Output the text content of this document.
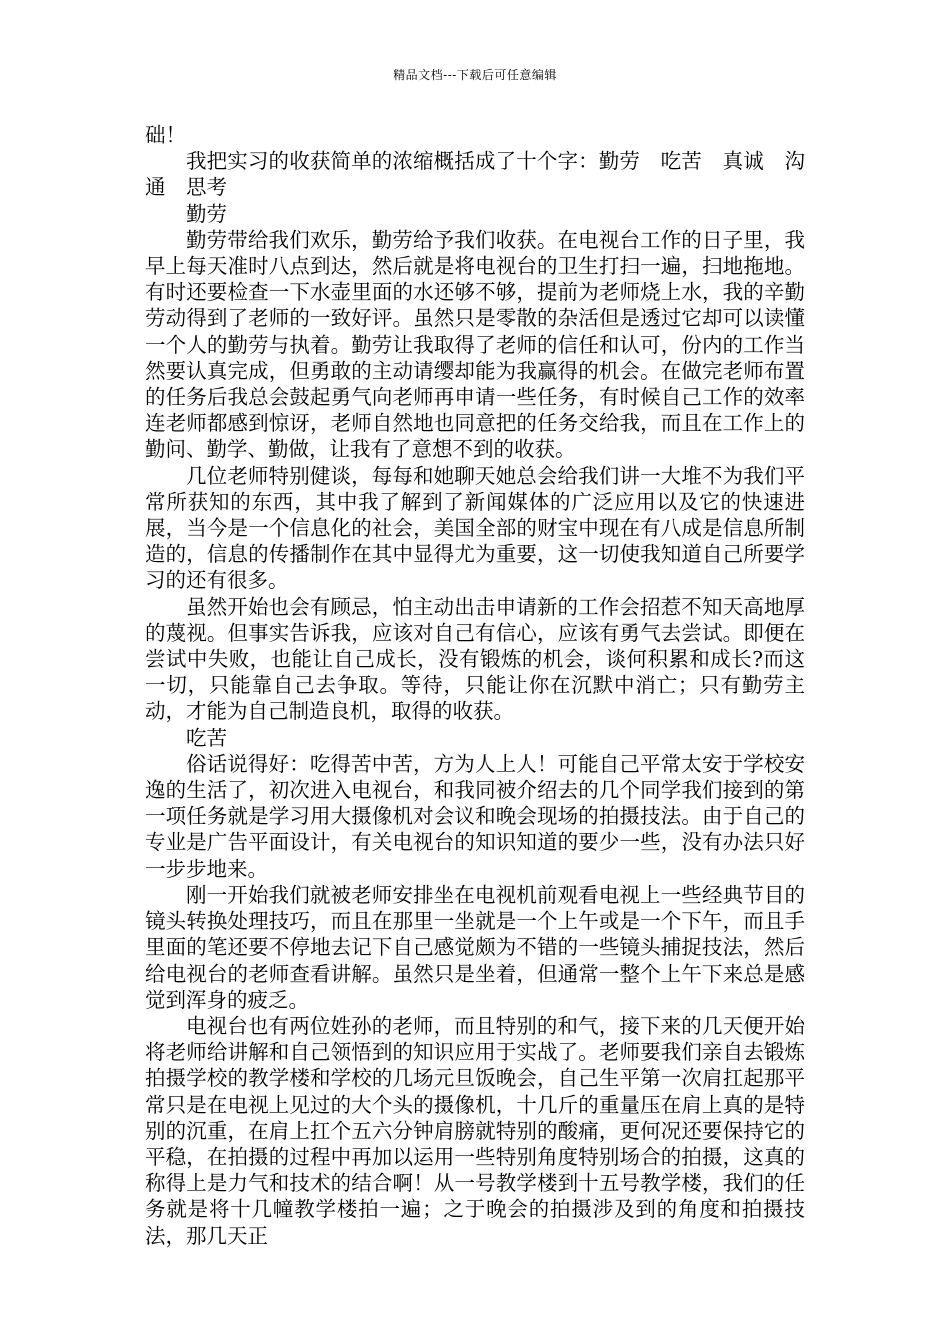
精品文档---下载后可任意编辑

础！

我把实习的收获简单的浓缩概括成了十个字：勤劳　吃苦　真诚　沟通　思考

勤劳

勤劳带给我们欢乐，勤劳给予我们收获。在电视台工作的日子里，我早上每天准时八点到达，然后就是将电视台的卫生打扫一遍，扫地拖地。有时还要检查一下水壶里面的水还够不够，提前为老师烧上水，我的辛勤劳动得到了老师的一致好评。虽然只是零散的杂活但是透过它却可以读懂一个人的勤劳与执着。勤劳让我取得了老师的信任和认可，份内的工作当然要认真完成，但勇敢的主动请缨却能为我赢得的机会。在做完老师布置的任务后我总会鼓起勇气向老师再申请一些任务，有时候自己工作的效率连老师都感到惊讶，老师自然地也同意把的任务交给我，而且在工作上的勤问、勤学、勤做，让我有了意想不到的收获。

几位老师特别健谈，每每和她聊天她总会给我们讲一大堆不为我们平常所获知的东西，其中我了解到了新闻媒体的广泛应用以及它的快速进展，当今是一个信息化的社会，美国全部的财宝中现在有八成是信息所制造的，信息的传播制作在其中显得尤为重要，这一切使我知道自己所要学习的还有很多。

虽然开始也会有顾忌，怕主动出击申请新的工作会招惹不知天高地厚的蔑视。但事实告诉我，应该对自己有信心，应该有勇气去尝试。即便在尝试中失败，也能让自己成长，没有锻炼的机会，谈何积累和成长?而这一切，只能靠自己去争取。等待，只能让你在沉默中消亡；只有勤劳主动，才能为自己制造良机，取得的收获。

吃苦

俗话说得好：吃得苦中苦，方为人上人！可能自己平常太安于学校安逸的生活了，初次进入电视台，和我同被介绍去的几个同学我们接到的第一项任务就是学习用大摄像机对会议和晚会现场的拍摄技法。由于自己的专业是广告平面设计，有关电视台的知识知道的要少一些，没有办法只好一步步地来。

刚一开始我们就被老师安排坐在电视机前观看电视上一些经典节目的镜头转换处理技巧，而且在那里一坐就是一个上午或是一个下午，而且手里面的笔还要不停地去记下自己感觉颇为不错的一些镜头捕捉技法，然后给电视台的老师查看讲解。虽然只是坐着，但通常一整个上午下来总是感觉到浑身的疲乏。

电视台也有两位姓孙的老师，而且特别的和气，接下来的几天便开始将老师给讲解和自己领悟到的知识应用于实战了。老师要我们亲自去锻炼拍摄学校的教学楼和学校的几场元旦饭晚会，自己生平第一次肩扛起那平常只是在电视上见过的大个头的摄像机，十几斤的重量压在肩上真的是特别的沉重，在肩上扛个五六分钟肩膀就特别的酸痛，更何况还要保持它的平稳，在拍摄的过程中再加以运用一些特别角度特别场合的拍摄，这真的称得上是力气和技术的结合啊！从一号教学楼到十五号教学楼，我们的任务就是将十几幢教学楼拍一遍；之于晚会的拍摄涉及到的角度和拍摄技法，那几天正
